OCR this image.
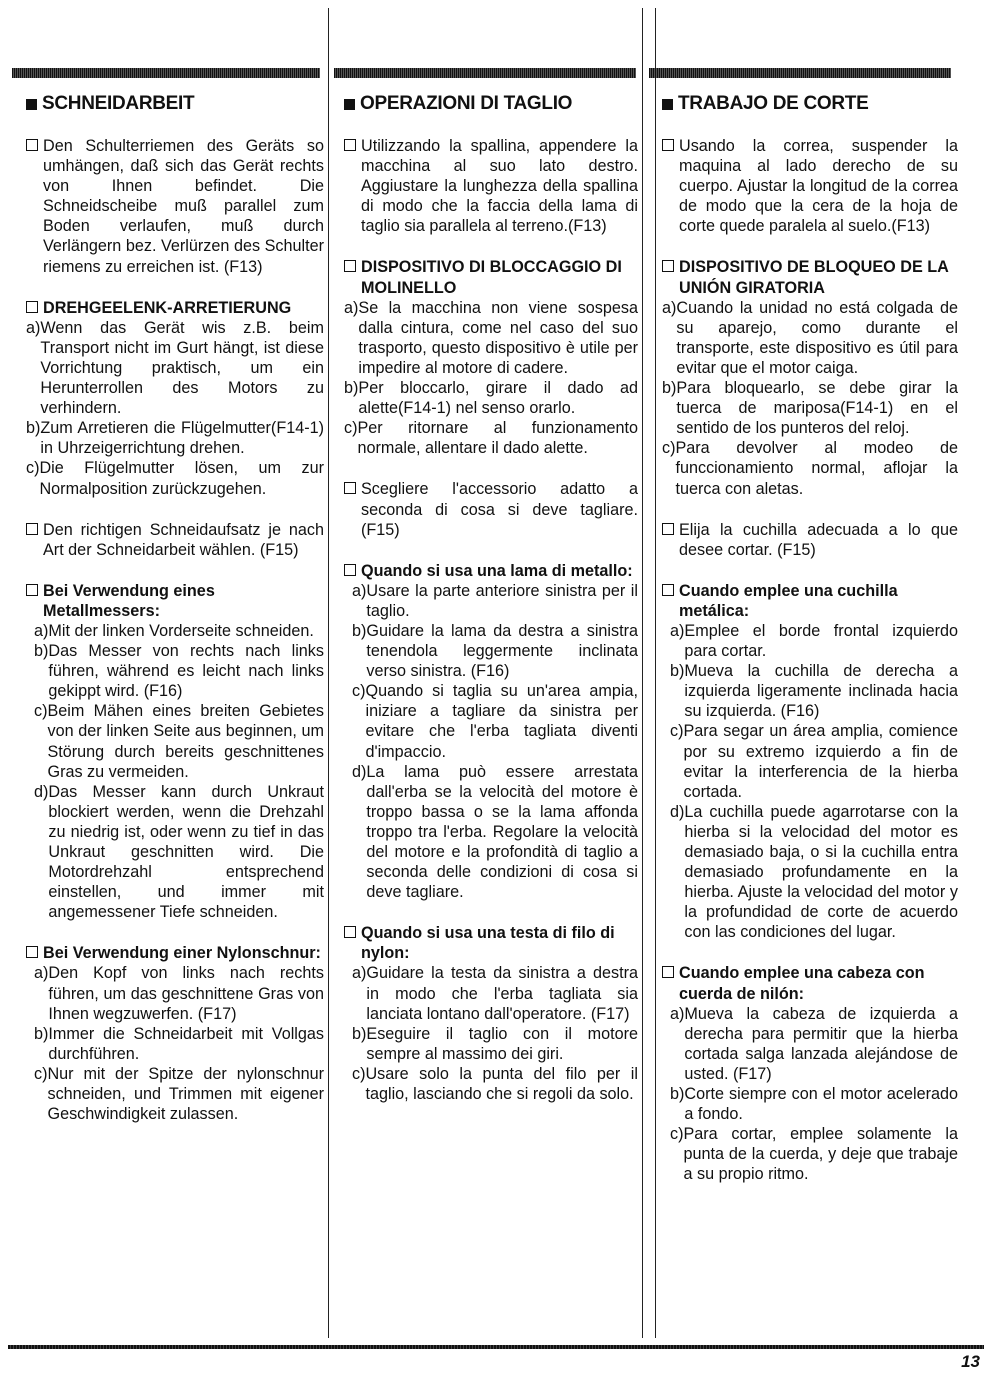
SCHNEIDARBEIT

Den Schulterriemen des Geräts so umhängen, daß sich das Gerät rechts von Ihnen befindet. Die Schneidscheibe muß parallel zum Boden verlaufen, muß durch Verlängern bez. Verlürzen des Schulter riemens zu erreichen ist. (F13)

DREHGEELENK-ARRETIERUNG
a) Wenn das Gerät wis z.B. beim Transport nicht im Gurt hängt, ist diese Vorrichtung praktisch, um ein Herunterrollen des Motors zu verhindern.
b) Zum Arretieren die Flügelmutter(F14-1) in Uhrzeigerrichtung drehen.
c) Die Flügelmutter lösen, um zur Normalposition zurückzugehen.

Den richtigen Schneidaufsatz je nach Art der Schneidarbeit wählen. (F15)

Bei Verwendung eines Metallmessers:
a) Mit der linken Vorderseite schneiden.
b) Das Messer von rechts nach links führen, während es leicht nach links gekippt wird. (F16)
c) Beim Mähen eines breiten Gebietes von der linken Seite aus beginnen, um Störung durch bereits geschnittenes Gras zu vermeiden.
d) Das Messer kann durch Unkraut blockiert werden, wenn die Drehzahl zu niedrig ist, oder wenn zu tief in das Unkraut geschnitten wird. Die Motordrehzahl entsprechend einstellen, und immer mit angemessener Tiefe schneiden.
Bei Verwendung einer Nylonschnur:
a) Den Kopf von links nach rechts führen, um das geschnittene Gras von Ihnen wegzuwerfen. (F17)
b) Immer die Schneidarbeit mit Vollgas durchführen.
c) Nur mit der Spitze der nylonschnur schneiden, und Trimmen mit eigener Geschwindigkeit zulassen.
OPERAZIONI DI TAGLIO

Utilizzando la spallina, appendere la macchina al suo lato destro. Aggiustare la lunghezza della spallina di modo che la faccia della lama di taglio sia parallela al terreno.(F13)

DISPOSITIVO DI BLOCCAGGIO DI MOLINELLO
a) Se la macchina non viene sospesa dalla cintura, come nel caso del suo trasporto, questo dispositivo è utile per impedire al motore di cadere.
b) Per bloccarlo, girare il dado ad alette(F14-1) nel senso orarlo.
c) Per ritornare al funzionamento normale, allentare il dado alette.

Scegliere l'accessorio adatto a seconda di cosa si deve tagliare. (F15)

Quando si usa una lama di metallo:
a) Usare la parte anteriore sinistra per il taglio.
b) Guidare la lama da destra a sinistra tenendola leggermente inclinata verso sinistra. (F16)
c) Quando si taglia su un'area ampia, iniziare a tagliare da sinistra per evitare che l'erba tagliata diventi d'impaccio.
d) La lama può essere arrestata dall'erba se la velocità del motore è troppo bassa o se la lama affonda troppo tra l'erba. Regolare la velocità del motore e la profondità di taglio a seconda delle condizioni di cosa si deve tagliare.
Quando si usa una testa di filo di nylon:
a) Guidare la testa da sinistra a destra in modo che l'erba tagliata sia lanciata lontano dall'operatore. (F17)
b) Eseguire il taglio con il motore sempre al massimo dei giri.
c) Usare solo la punta del filo per il taglio, lasciando che si regoli da solo.
TRABAJO DE CORTE

Usando la correa, suspender la maquina al lado derecho de su cuerpo. Ajustar la longitud de la correa de modo que la cera de la hoja de corte quede paralela al suelo.(F13)

DISPOSITIVO DE BLOQUEO DE LA UNIÓN GIRATORIA
a) Cuando la unidad no está colgada de su aparejo, como durante el transporte, este dispositivo es útil para evitar que el motor caiga.
b) Para bloquearlo, se debe girar la tuerca de mariposa(F14-1) en el sentido de los punteros del reloj.
c) Para devolver al modeo de funccionamiento normal, aflojar la tuerca con aletas.

Elija la cuchilla adecuada a lo que desee cortar. (F15)

Cuando emplee una cuchilla metálica:
a) Emplee el borde frontal izquierdo para cortar.
b) Mueva la cuchilla de derecha a izquierda ligeramente inclinada hacia su izquierda. (F16)
c) Para segar un área amplia, comience por su extremo izquierdo a fin de evitar la interferencia de la hierba cortada.
d) La cuchilla puede agarrotarse con la hierba si la velocidad del motor es demasiado baja, o si la cuchilla entra demasiado profundamente en la hierba. Ajuste la velocidad del motor y la profundidad de corte de acuerdo con las condiciones del lugar.
Cuando emplee una cabeza con cuerda de nilón:
a) Mueva la cabeza de izquierda a derecha para permitir que la hierba cortada salga lanzada alejándose de usted. (F17)
b) Corte siempre con el motor acelerado a fondo.
c) Para cortar, emplee solamente la punta de la cuerda, y deje que trabaje a su propio ritmo.
13
